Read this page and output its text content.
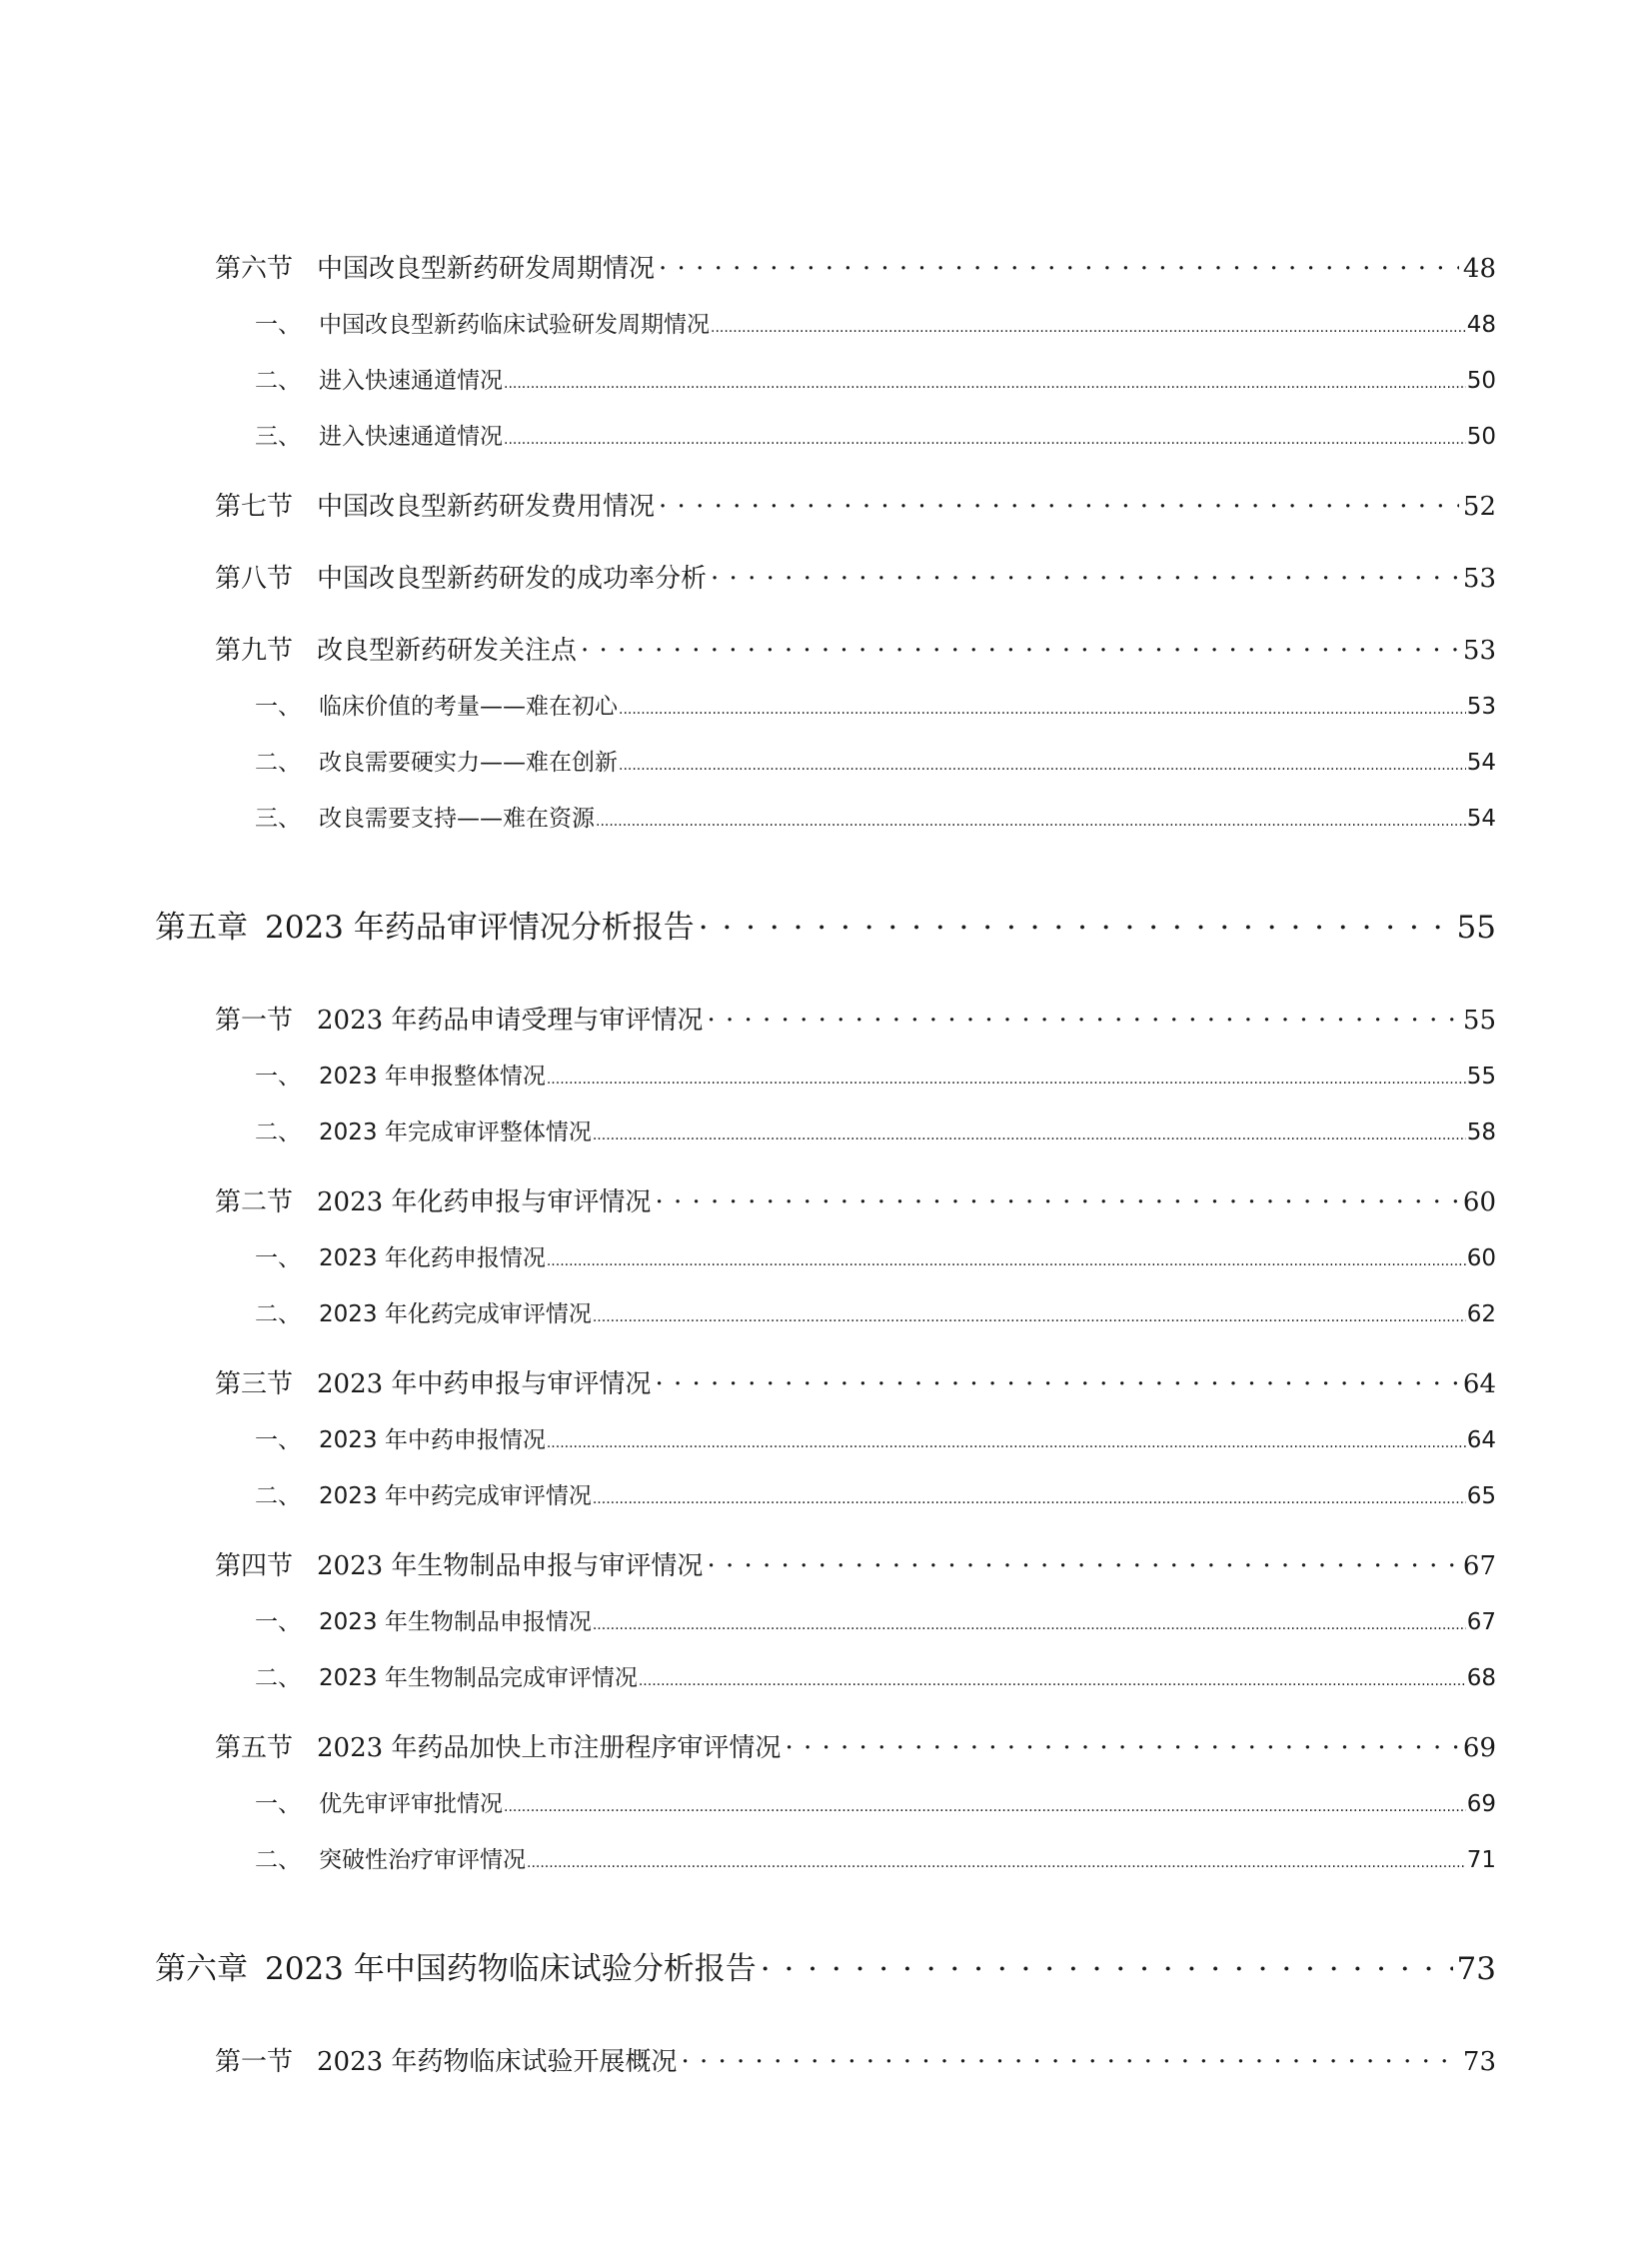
第六节 中国改良型新药研发周期情况 · · ·	48
一、 中国改良型新药临床试验研发周期情况 .....	48
二、 进入快速通道情况 .....	50
三、 进入快速通道情况 .....	50
第七节 中国改良型新药研发费用情况 · · ·	52
第八节 中国改良型新药研发的成功率分析 · · ·	53
第九节 改良型新药研发关注点 · · ·	53
一、 临床价值的考量——难在初心 .....	53
二、 改良需要硬实力——难在创新 .....	54
三、 改良需要支持——难在资源 .....	54
第五章 2023 年药品审评情况分析报告 · · ·	55
第一节 2023 年药品申请受理与审评情况 · · ·	55
一、 2023 年申报整体情况 .....	55
二、 2023 年完成审评整体情况 .....	58
第二节 2023 年化药申报与审评情况 · · ·	60
一、 2023 年化药申报情况 .....	60
二、 2023 年化药完成审评情况 .....	62
第三节 2023 年中药申报与审评情况 · · ·	64
一、 2023 年中药申报情况 .....	64
二、 2023 年中药完成审评情况 .....	65
第四节 2023 年生物制品申报与审评情况 · · ·	67
一、 2023 年生物制品申报情况 .....	67
二、 2023 年生物制品完成审评情况 .....	68
第五节 2023 年药品加快上市注册程序审评情况 · · ·	69
一、 优先审评审批情况 .....	69
二、 突破性治疗审评情况 .....	71
第六章 2023 年中国药物临床试验分析报告 · · ·	73
第一节 2023 年药物临床试验开展概况 · · ·	73
